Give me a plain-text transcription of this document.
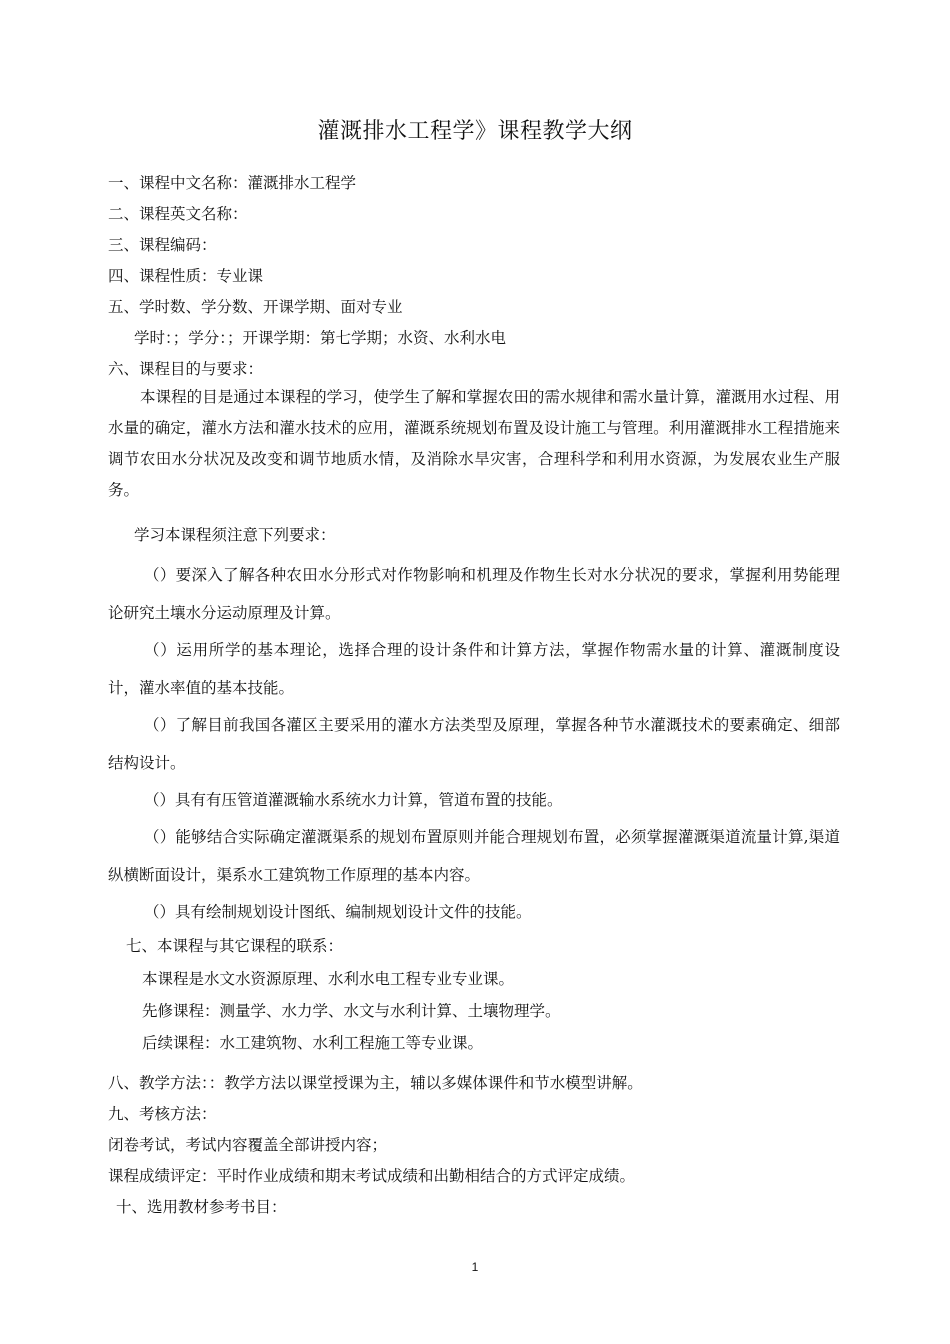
灌溉排水工程学》课程教学大纲
一、课程中文名称：灌溉排水工程学
二、课程英文名称：
三、课程编码：
四、课程性质：专业课
五、学时数、学分数、开课学期、面对专业
学时：；学分：；开课学期：第七学期；水资、水利水电
六、课程目的与要求：
本课程的目是通过本课程的学习，使学生了解和掌握农田的需水规律和需水量计算，灌溉用水过程、用水量的确定，灌水方法和灌水技术的应用，灌溉系统规划布置及设计施工与管理。利用灌溉排水工程措施来调节农田水分状况及改变和调节地质水情，及消除水旱灾害，合理科学和利用水资源，为发展农业生产服务。
学习本课程须注意下列要求：
（）要深入了解各种农田水分形式对作物影响和机理及作物生长对水分状况的要求，掌握利用势能理论研究土壤水分运动原理及计算。
（）运用所学的基本理论，选择合理的设计条件和计算方法，掌握作物需水量的计算、灌溉制度设计，灌水率值的基本技能。
（）了解目前我国各灌区主要采用的灌水方法类型及原理，掌握各种节水灌溉技术的要素确定、细部结构设计。
（）具有有压管道灌溉输水系统水力计算，管道布置的技能。
（）能够结合实际确定灌溉渠系的规划布置原则并能合理规划布置，必须掌握灌溉渠道流量计算,渠道纵横断面设计，渠系水工建筑物工作原理的基本内容。
（）具有绘制规划设计图纸、编制规划设计文件的技能。
七、本课程与其它课程的联系：
本课程是水文水资源原理、水利水电工程专业专业课。
先修课程：测量学、水力学、水文与水利计算、土壤物理学。
后续课程：水工建筑物、水利工程施工等专业课。
八、教学方法：：教学方法以课堂授课为主，辅以多媒体课件和节水模型讲解。
九、考核方法：
闭卷考试，考试内容覆盖全部讲授内容；
课程成绩评定：平时作业成绩和期末考试成绩和出勤相结合的方式评定成绩。
十、选用教材参考书目：
1
